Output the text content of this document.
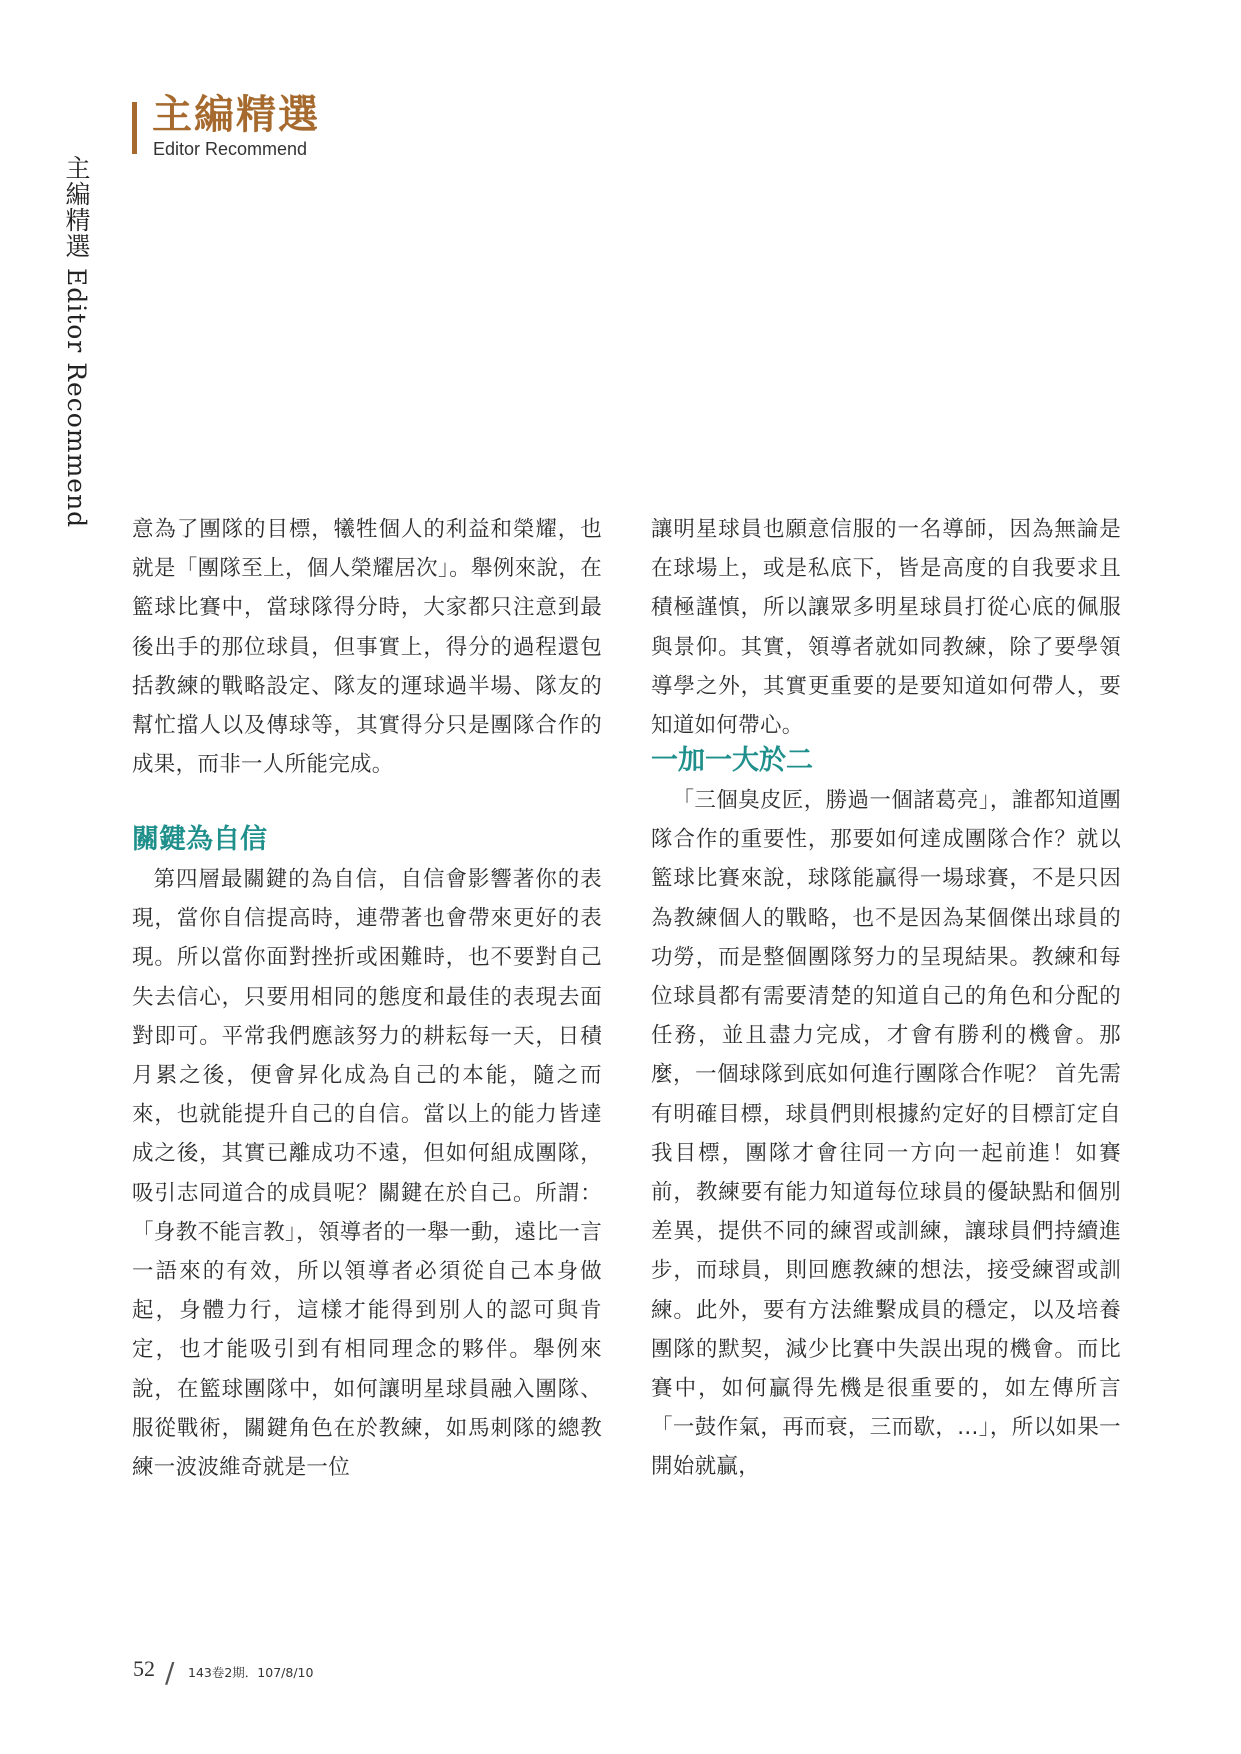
主編精選
Editor Recommend
主編精選 Editor Recommend

意為了團隊的目標，犧牲個人的利益和榮耀，也就是「團隊至上，個人榮耀居次」。舉例來說，在籃球比賽中，當球隊得分時，大家都只注意到最後出手的那位球員，但事實上，得分的過程還包括教練的戰略設定、隊友的運球過半場、隊友的幫忙擋人以及傳球等，其實得分只是團隊合作的成果，而非一人所能完成。

關鍵為自信

第四層最關鍵的為自信，自信會影響著你的表現，當你自信提高時，連帶著也會帶來更好的表現。所以當你面對挫折或困難時，也不要對自己失去信心，只要用相同的態度和最佳的表現去面對即可。平常我們應該努力的耕耘每一天，日積月累之後，便會昇化成為自己的本能，隨之而來，也就能提升自己的自信。當以上的能力皆達成之後，其實已離成功不遠，但如何組成團隊，吸引志同道合的成員呢？關鍵在於自己。所謂：「身教不能言教」，領導者的一舉一動，遠比一言一語來的有效，所以領導者必須從自己本身做起，身體力行，這樣才能得到別人的認可與肯定，也才能吸引到有相同理念的夥伴。舉例來說，在籃球團隊中，如何讓明星球員融入團隊、服從戰術，關鍵角色在於教練，如馬刺隊的總教練一波波維奇就是一位

讓明星球員也願意信服的一名導師，因為無論是在球場上，或是私底下，皆是高度的自我要求且積極謹慎，所以讓眾多明星球員打從心底的佩服與景仰。其實，領導者就如同教練，除了要學領導學之外，其實更重要的是要知道如何帶人，要知道如何帶心。

一加一大於二

「三個臭皮匠，勝過一個諸葛亮」，誰都知道團隊合作的重要性，那要如何達成團隊合作？就以籃球比賽來說，球隊能贏得一場球賽，不是只因為教練個人的戰略，也不是因為某個傑出球員的功勞，而是整個團隊努力的呈現結果。教練和每位球員都有需要清楚的知道自己的角色和分配的任務，並且盡力完成，才會有勝利的機會。那麼，一個球隊到底如何進行團隊合作呢？ 首先需有明確目標，球員們則根據約定好的目標訂定自我目標，團隊才會往同一方向一起前進！如賽前，教練要有能力知道每位球員的優缺點和個別差異，提供不同的練習或訓練，讓球員們持續進步，而球員，則回應教練的想法，接受練習或訓練。此外，要有方法維繫成員的穩定，以及培養團隊的默契，減少比賽中失誤出現的機會。而比賽中，如何贏得先機是很重要的，如左傳所言「一鼓作氣，再而衰，三而歇，...」，所以如果一開始就贏，

52 / 143卷2期．107/8/10
